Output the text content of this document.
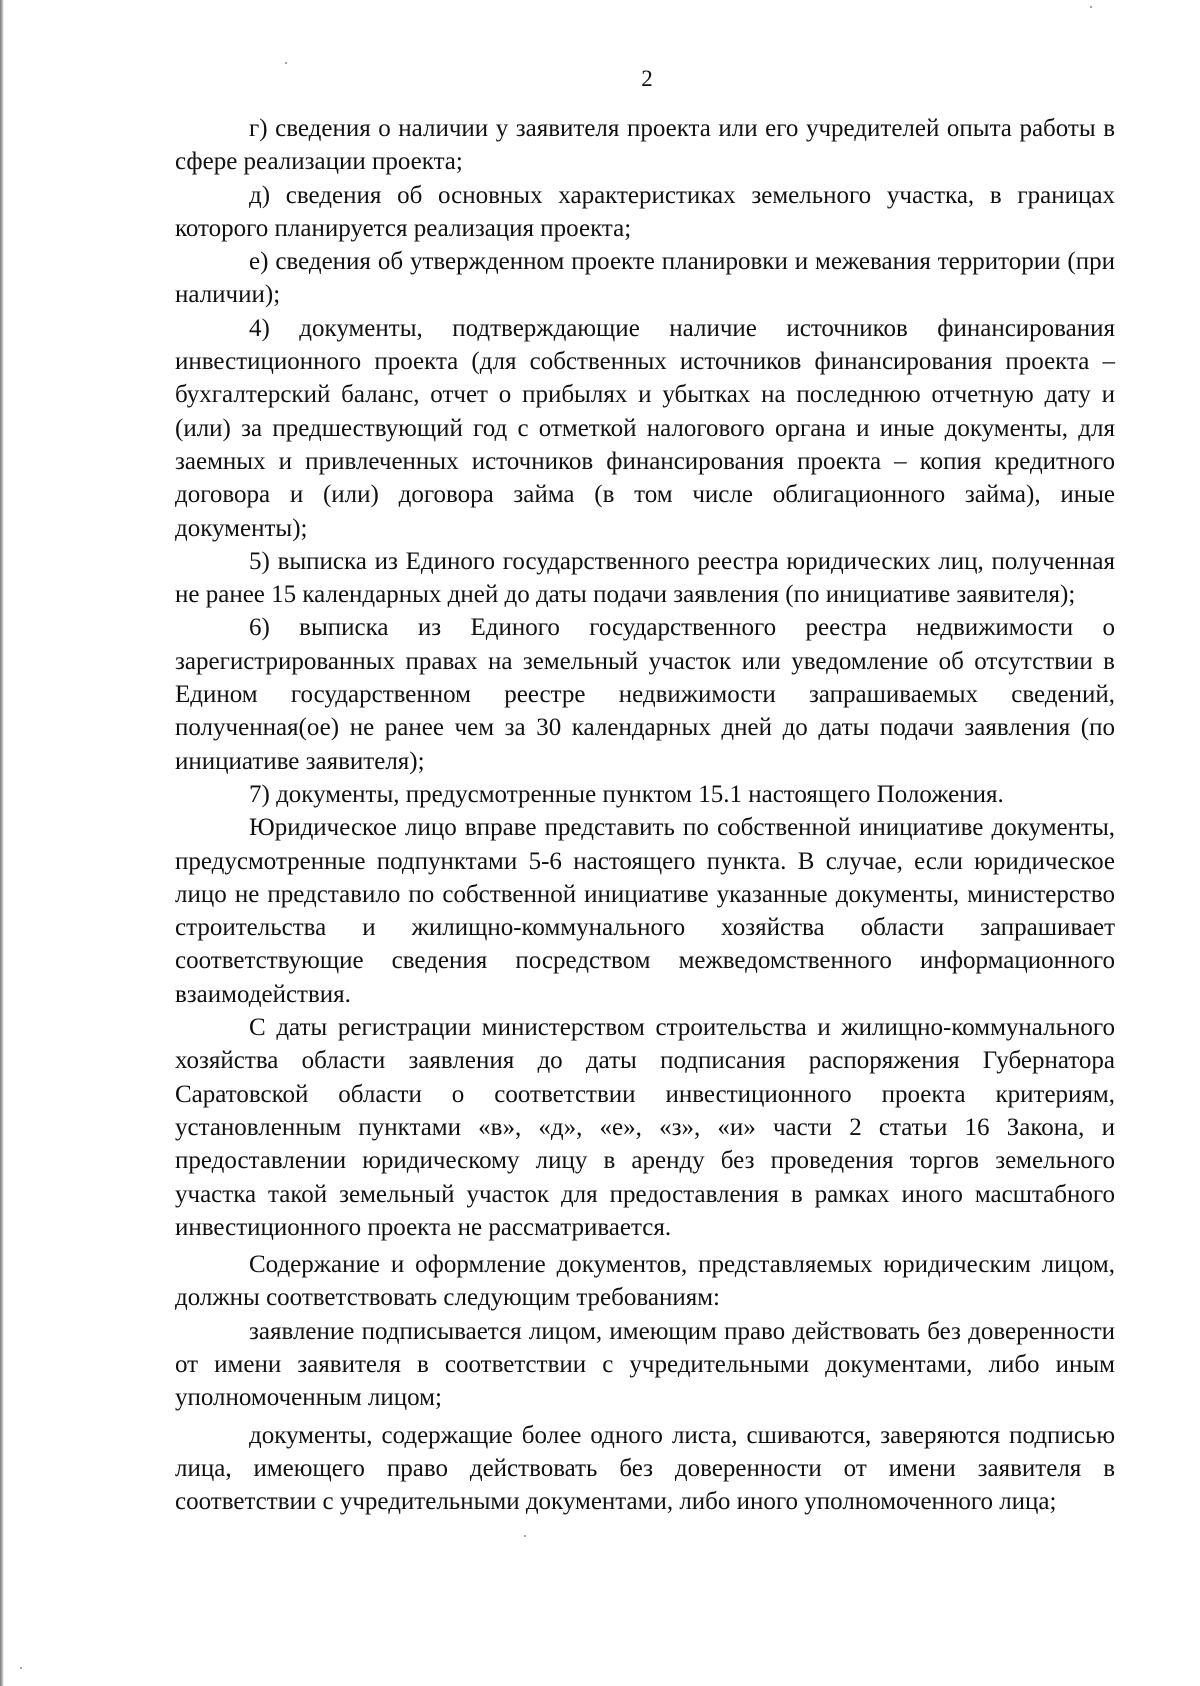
2

г) сведения о наличии у заявителя проекта или его учредителей опыта работы в сфере реализации проекта;

д) сведения об основных характеристиках земельного участка, в границах которого планируется реализация проекта;

е) сведения об утвержденном проекте планировки и межевания территории (при наличии);

4) документы, подтверждающие наличие источников финансирования инвестиционного проекта (для собственных источников финансирования проекта – бухгалтерский баланс, отчет о прибылях и убытках на последнюю отчетную дату и (или) за предшествующий год с отметкой налогового органа и иные документы, для заемных и привлеченных источников финансирования проекта – копия кредитного договора и (или) договора займа (в том числе облигационного займа), иные документы);

5) выписка из Единого государственного реестра юридических лиц, полученная не ранее 15 календарных дней до даты подачи заявления (по инициативе заявителя);

6) выписка из Единого государственного реестра недвижимости о зарегистрированных правах на земельный участок или уведомление об отсутствии в Едином государственном реестре недвижимости запрашиваемых сведений, полученная(ое) не ранее чем за 30 календарных дней до даты подачи заявления (по инициативе заявителя);

7) документы, предусмотренные пунктом 15.1 настоящего Положения.

Юридическое лицо вправе представить по собственной инициативе документы, предусмотренные подпунктами 5-6 настоящего пункта. В случае, если юридическое лицо не представило по собственной инициативе указанные документы, министерство строительства и жилищно-коммунального хозяйства области запрашивает соответствующие сведения посредством межведомственного информационного взаимодействия.

С даты регистрации министерством строительства и жилищно-коммунального хозяйства области заявления до даты подписания распоряжения Губернатора Саратовской области о соответствии инвестиционного проекта критериям, установленным пунктами «в», «д», «е», «з», «и» части 2 статьи 16 Закона, и предоставлении юридическому лицу в аренду без проведения торгов земельного участка такой земельный участок для предоставления в рамках иного масштабного инвестиционного проекта не рассматривается.

Содержание и оформление документов, представляемых юридическим лицом, должны соответствовать следующим требованиям:

заявление подписывается лицом, имеющим право действовать без доверенности от имени заявителя в соответствии с учредительными документами, либо иным уполномоченным лицом;

документы, содержащие более одного листа, сшиваются, заверяются подписью лица, имеющего право действовать без доверенности от имени заявителя в соответствии с учредительными документами, либо иного уполномоченного лица;
